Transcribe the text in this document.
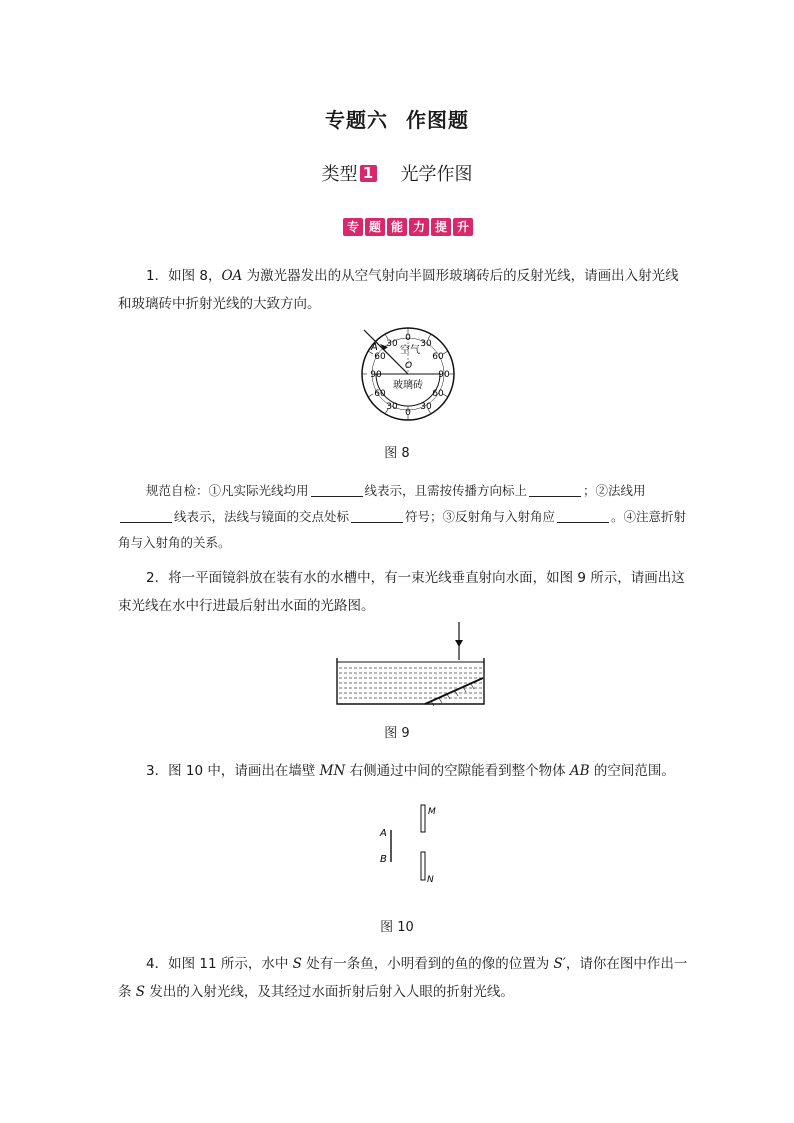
专题六 作图题
类型 1 光学作图
专 题 能 力 提 升
1．如图 8，OA 为激光器发出的从空气射向半圆形玻璃砖后的反射光线，请画出入射光线和玻璃砖中折射光线的大致方向。
A
O
空气
玻璃砖
0
30	30
60	60
90	90
60	60
30	30
0
图 8
规范自检：①凡实际光线均用	线表示，且需按传播方向标上	；②法线用线表示，法线与镜面的交点处标	符号；③反射角与入射角应	。④注意折射角与入射角的关系。
2．将一平面镜斜放在装有水的水槽中，有一束光线垂直射向水面，如图 9 所示，请画出这束光线在水中行进最后射出水面的光路图。
图 9
3．图 10 中，请画出在墙壁 MN 右侧通过中间的空隙能看到整个物体 AB 的空间范围。
A
B
M
N
图 10
4．如图 11 所示，水中 S 处有一条鱼，小明看到的鱼的像的位置为 S′，请你在图中作出一条 S 发出的入射光线，及其经过水面折射后射入人眼的折射光线。
